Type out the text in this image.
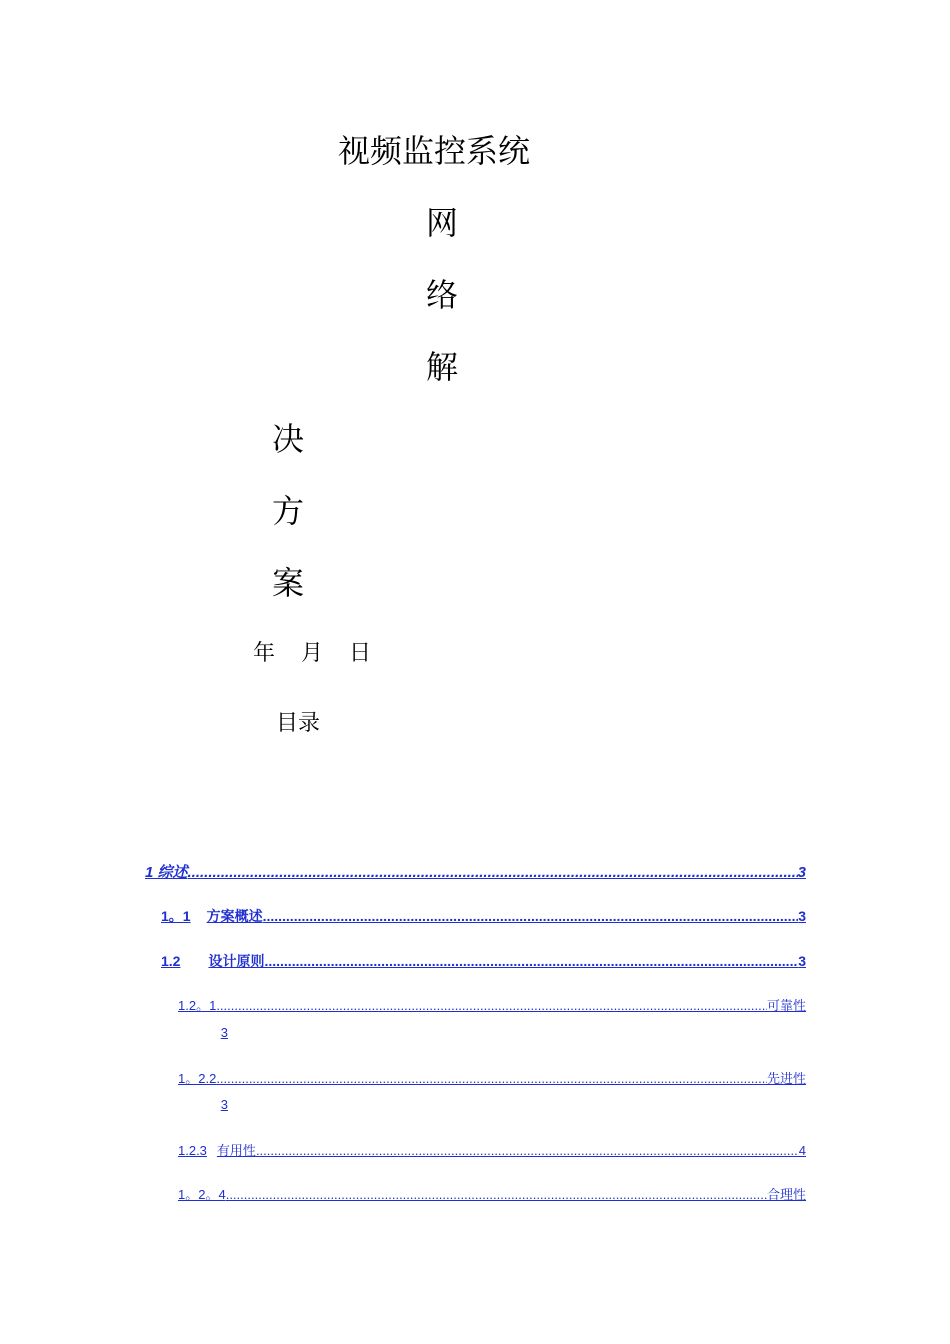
视频监控系统
网
络
解
决
方
案
年 月 日
目录
1 综述 .....	3
1。1 方案概述 .....	3
1.2 设计原则 .....	3
1.2。1 .....	可靠性
3
1。2.2 .....	先进性
3
1.2.3 有用性 .....	4
1。2。4 .....	合理性
